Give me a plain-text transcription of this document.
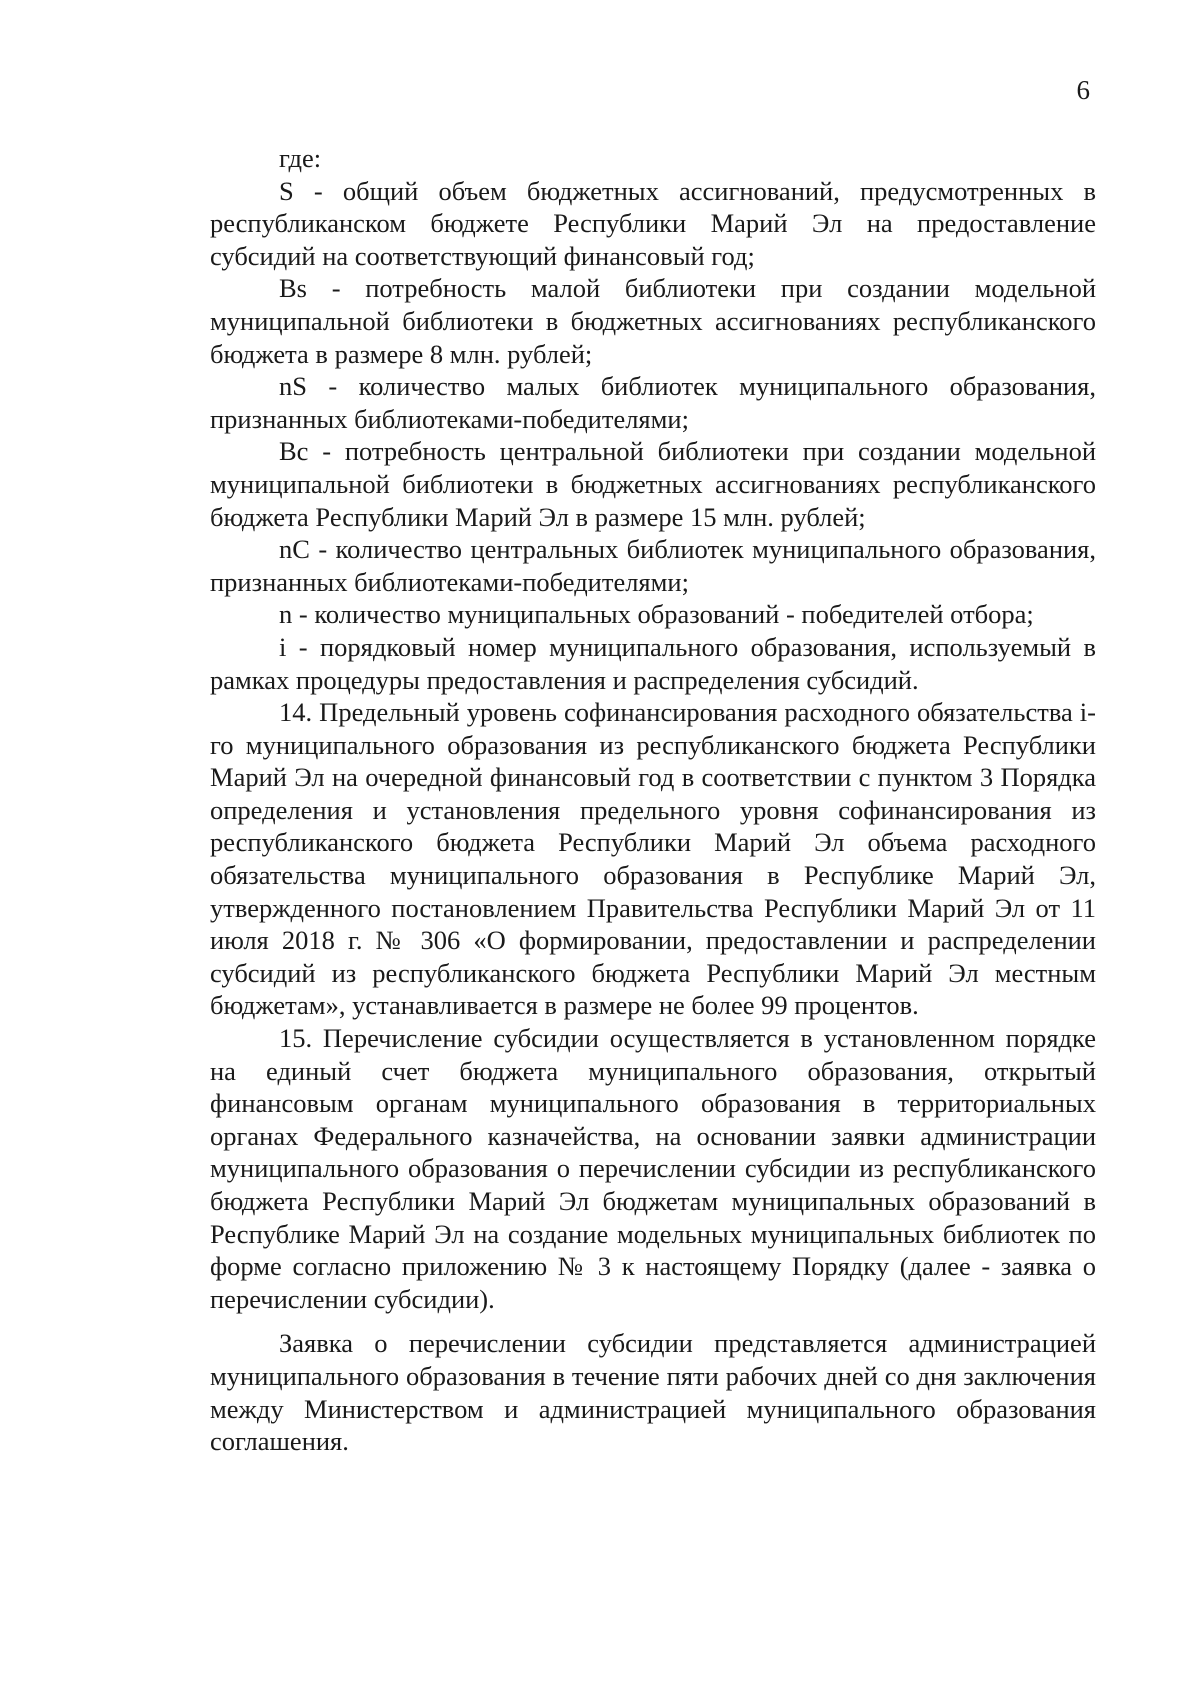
6

где:

S - общий объем бюджетных ассигнований, предусмотренных в республиканском бюджете Республики Марий Эл на предоставление субсидий на соответствующий финансовый год;

Bs - потребность малой библиотеки при создании модельной муниципальной библиотеки в бюджетных ассигнованиях республиканского бюджета в размере 8 млн. рублей;

nS - количество малых библиотек муниципального образования, признанных библиотеками-победителями;

Bc - потребность центральной библиотеки при создании модельной муниципальной библиотеки в бюджетных ассигнованиях республиканского бюджета Республики Марий Эл в размере 15 млн. рублей;

nC - количество центральных библиотек муниципального образования, признанных библиотеками-победителями;

n - количество муниципальных образований - победителей отбора;

i - порядковый номер муниципального образования, используемый в рамках процедуры предоставления и распределения субсидий.

14. Предельный уровень софинансирования расходного обязательства i-го муниципального образования из республиканского бюджета Республики Марий Эл на очередной финансовый год в соответствии с пунктом 3 Порядка определения и установления предельного уровня софинансирования из республиканского бюджета Республики Марий Эл объема расходного обязательства муниципального образования в Республике Марий Эл, утвержденного постановлением Правительства Республики Марий Эл от 11 июля 2018 г. № 306 «О формировании, предоставлении и распределении субсидий из республиканского бюджета Республики Марий Эл местным бюджетам», устанавливается в размере не более 99 процентов.

15. Перечисление субсидии осуществляется в установленном порядке на единый счет бюджета муниципального образования, открытый финансовым органам муниципального образования в территориальных органах Федерального казначейства, на основании заявки администрации муниципального образования о перечислении субсидии из республиканского бюджета Республики Марий Эл бюджетам муниципальных образований в Республике Марий Эл на создание модельных муниципальных библиотек по форме согласно приложению № 3 к настоящему Порядку (далее - заявка о перечислении субсидии).

Заявка о перечислении субсидии представляется администрацией муниципального образования в течение пяти рабочих дней со дня заключения между Министерством и администрацией муниципального образования соглашения.
